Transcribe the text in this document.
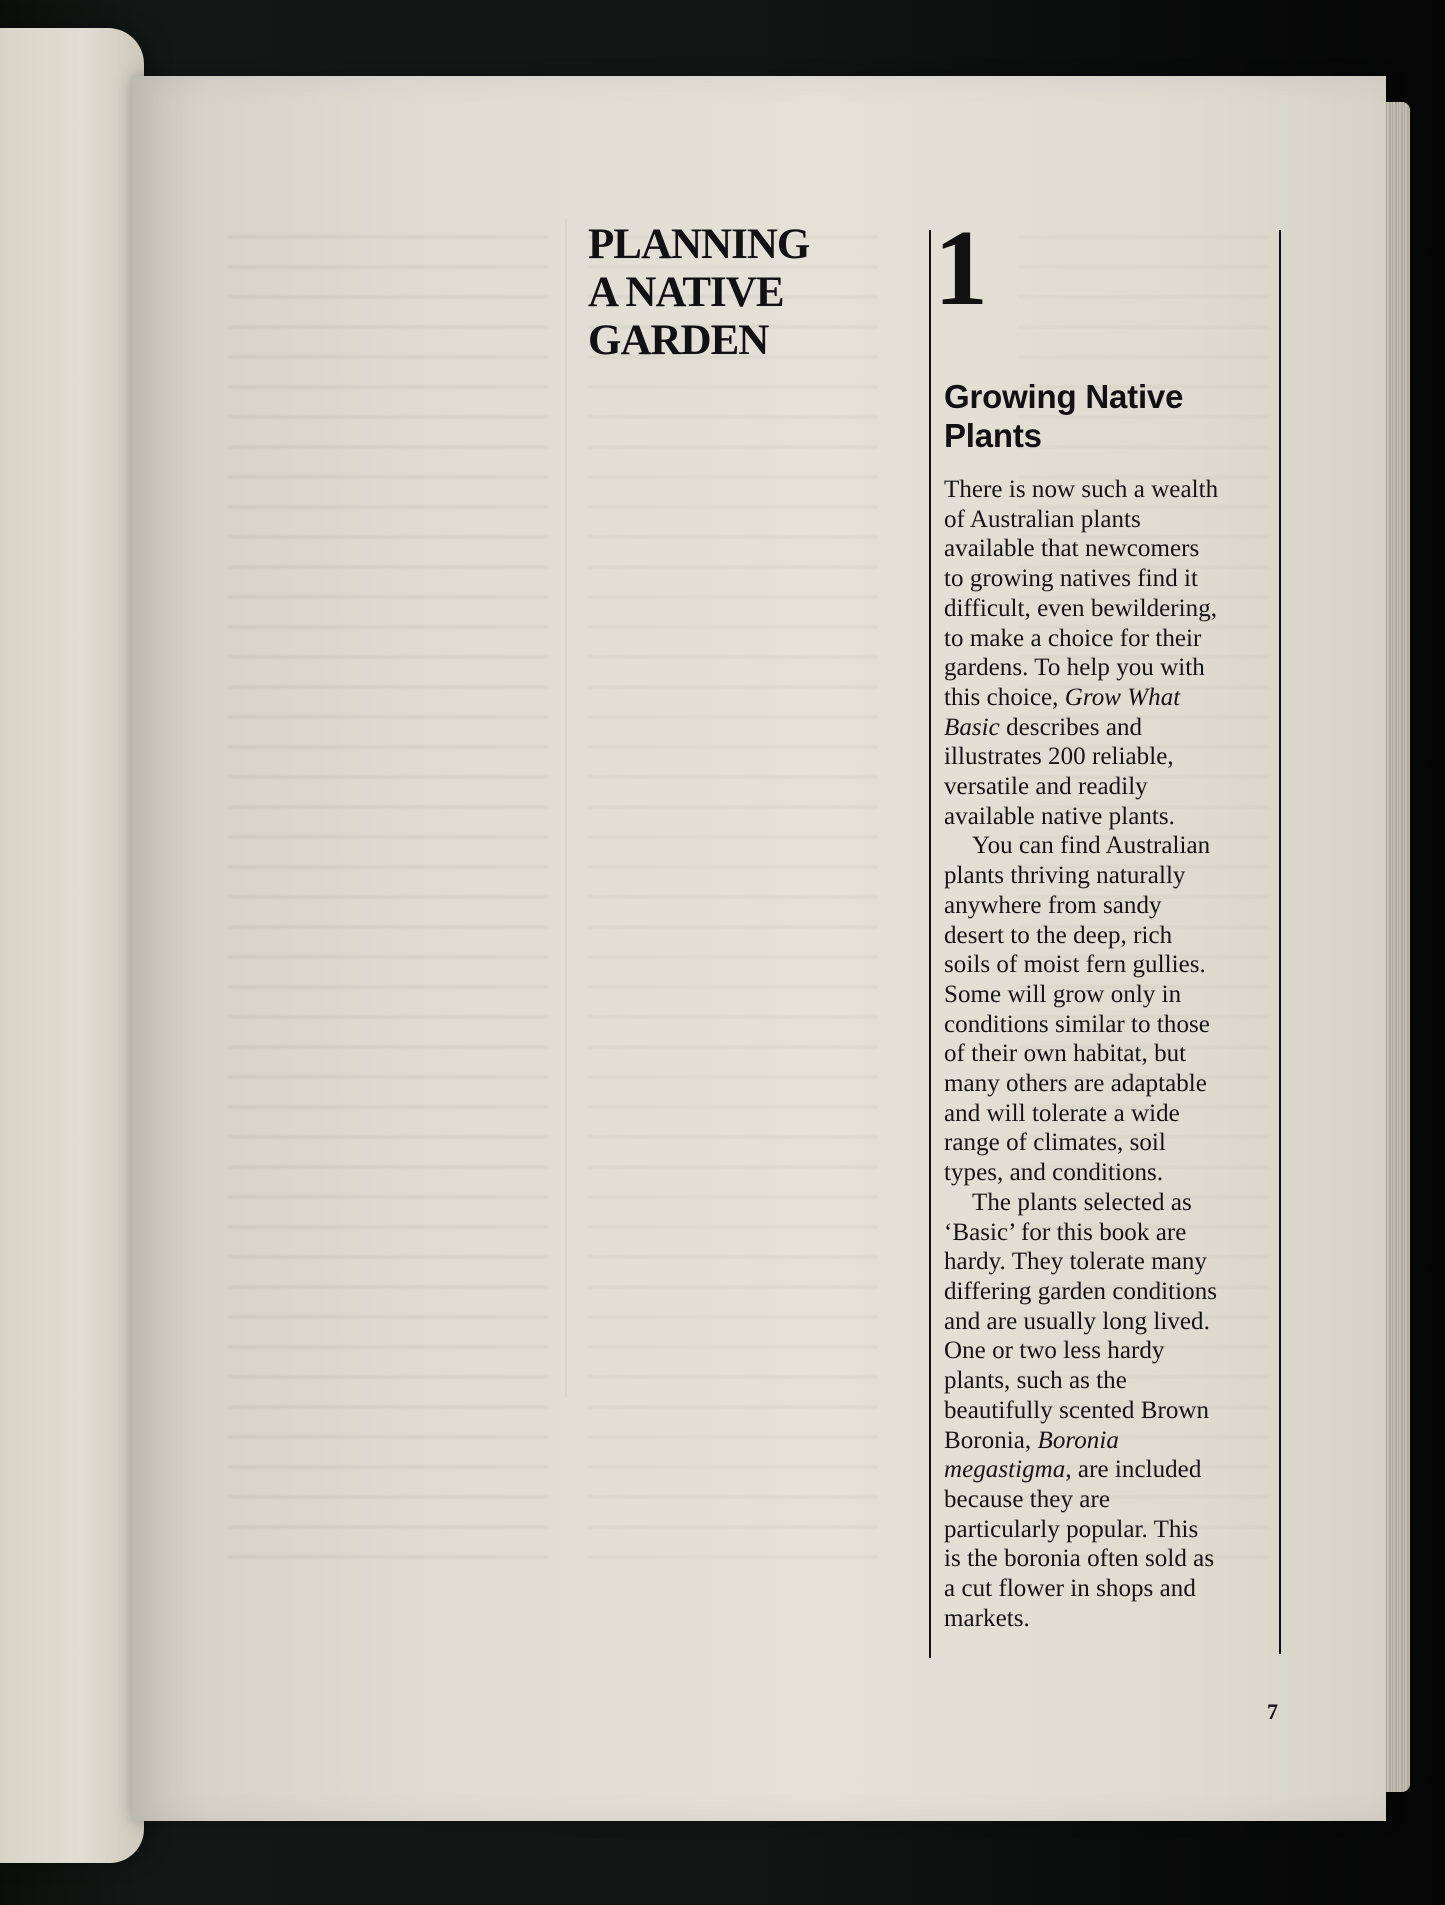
PLANNING
A NATIVE
GARDEN
1
Growing Native
Plants
There is now such a wealth
of Australian plants
available that newcomers
to growing natives find it
difficult, even bewildering,
to make a choice for their
gardens. To help you with
this choice, Grow What
Basic describes and
illustrates 200 reliable,
versatile and readily
available native plants.
You can find Australian
plants thriving naturally
anywhere from sandy
desert to the deep, rich
soils of moist fern gullies.
Some will grow only in
conditions similar to those
of their own habitat, but
many others are adaptable
and will tolerate a wide
range of climates, soil
types, and conditions.
The plants selected as
‘Basic’ for this book are
hardy. They tolerate many
differing garden conditions
and are usually long lived.
One or two less hardy
plants, such as the
beautifully scented Brown
Boronia, Boronia
megastigma, are included
because they are
particularly popular. This
is the boronia often sold as
a cut flower in shops and
markets.
7
